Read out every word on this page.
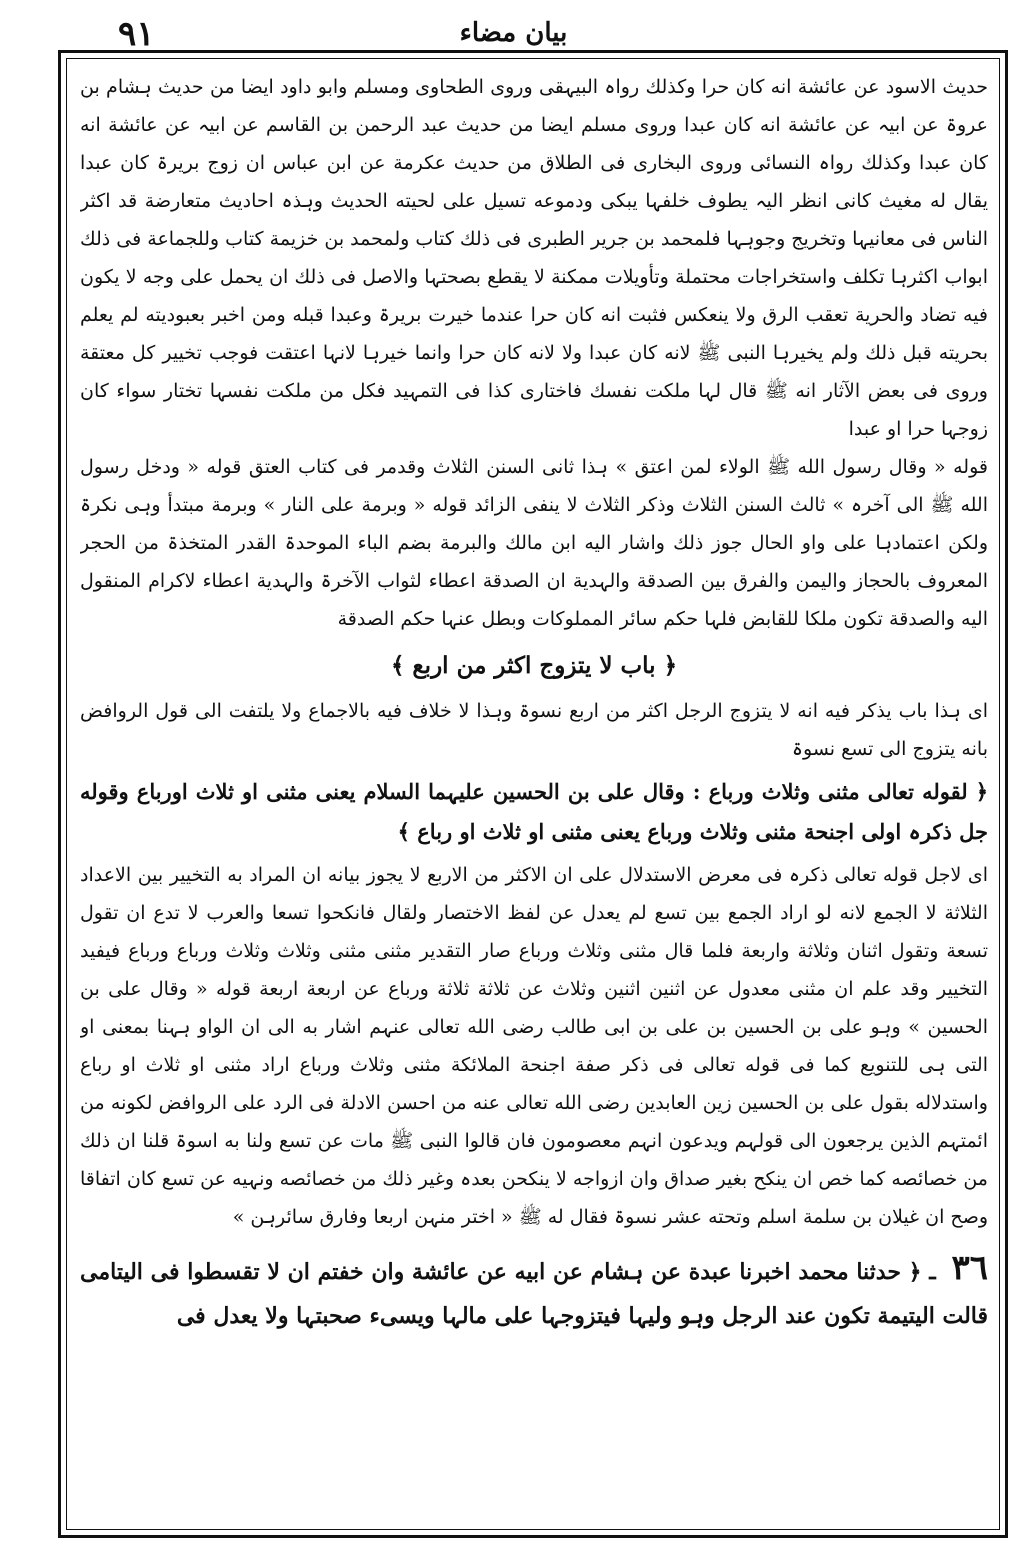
٩١	بیان مضاء

حدیث الاسود عن عائشة انه کان حرا وکذلك رواہ البیہقی وروی الطحاوی ومسلم وابو داود ایضا من حدیث ہشام بن عروۃ عن ابیہ عن عائشة انه کان عبدا وروی مسلم ایضا من حدیث عبد الرحمن بن القاسم عن ابیہ عن عائشة انه کان عبدا وکذلك رواہ النسائی وروی البخاری فی الطلاق من حدیث عکرمة عن ابن عباس ان زوج بریرۃ کان عبدا یقال له مغیث کانی انظر الیہ یطوف خلفہا یبکی ودموعه تسیل علی لحیته الحدیث وہذہ احادیث متعارضة قد اکثر الناس فی معانیہا وتخریج وجوہہا فلمحمد بن جریر الطبری فی ذلك کتاب ولمحمد بن خزیمة کتاب وللجماعة فی ذلك ابواب اکثرہا تکلف واستخراجات محتملة وتأویلات ممکنة لا یقطع بصحتہا والاصل فی ذلك ان یحمل علی وجه لا یکون فیه تضاد والحریة تعقب الرق ولا ینعکس فثبت انه کان حرا عندما خیرت بریرۃ وعبدا قبله ومن اخبر بعبودیته لم یعلم بحریته قبل ذلك ولم یخیرہا النبی ﷺ لانه کان عبدا ولا لانه کان حرا وانما خیرہا لانہا اعتقت فوجب تخییر کل معتقة وروی فی بعض الآثار انه ﷺ قال لہا ملکت نفسك فاختاری کذا فی التمہید فکل من ملکت نفسہا تختار سواء کان زوجہا حرا او عبدا

قوله « وقال رسول الله ﷺ الولاء لمن اعتق » ہذا ثانی السنن الثلاث وقدمر فی کتاب العتق قوله « ودخل رسول الله ﷺ الی آخرہ » ثالث السنن الثلاث وذکر الثلاث لا ینفی الزائد قوله « وبرمة علی النار » وبرمة مبتدأ وہی نکرۃ ولکن اعتمادہا علی واو الحال جوز ذلك واشار الیه ابن مالك والبرمة بضم الباء الموحدۃ القدر المتخذۃ من الحجر المعروف بالحجاز والیمن والفرق بین الصدقة والہدیة ان الصدقة اعطاء لثواب الآخرۃ والہدیة اعطاء لاکرام المنقول الیه والصدقة تکون ملکا للقابض فلہا حکم سائر المملوکات وبطل عنہا حکم الصدقة

﴿ باب لا یتزوج اکثر من اربع ﴾

ای ہذا باب یذکر فیه انه لا یتزوج الرجل اکثر من اربع نسوۃ وہذا لا خلاف فیه بالاجماع ولا یلتفت الی قول الروافض بانه یتزوج الی تسع نسوۃ

﴿ لقوله تعالی مثنی وثلاث ورباع : وقال علی بن الحسین علیہما السلام یعنی مثنی او ثلاث اورباع وقوله جل ذکرہ اولی اجنحة مثنی وثلاث ورباع یعنی مثنی او ثلاث او رباع ﴾

ای لاجل قوله تعالی ذکرہ فی معرض الاستدلال علی ان الاکثر من الاربع لا یجوز بیانه ان المراد به التخییر بین الاعداد الثلاثة لا الجمع لانه لو اراد الجمع بین تسع لم یعدل عن لفظ الاختصار ولقال فانکحوا تسعا والعرب لا تدع ان تقول تسعة وتقول اثنان وثلاثة واربعة فلما قال مثنی وثلاث ورباع صار التقدیر مثنی مثنی وثلاث وثلاث ورباع ورباع فیفید التخییر وقد علم ان مثنی معدول عن اثنین اثنین وثلاث عن ثلاثة ثلاثة ورباع عن اربعة اربعة قوله « وقال علی بن الحسین » وہو علی بن الحسین بن علی بن ابی طالب رضی الله تعالی عنہم اشار به الی ان الواو ہہنا بمعنی او التی ہی للتنویع کما فی قوله تعالی فی ذکر صفة اجنحة الملائکة مثنی وثلاث ورباع اراد مثنی او ثلاث او رباع واستدلاله بقول علی بن الحسین زین العابدین رضی الله تعالی عنه من احسن الادلة فی الرد علی الروافض لکونه من ائمتہم الذین یرجعون الی قولہم ویدعون انہم معصومون فان قالوا النبی ﷺ مات عن تسع ولنا به اسوۃ قلنا ان ذلك من خصائصه کما خص ان ینکح بغیر صداق وان ازواجه لا ینکحن بعدہ وغیر ذلك من خصائصه ونہیه عن تسع کان اتفاقا وصح ان غیلان بن سلمة اسلم وتحته عشر نسوۃ فقال له ﷺ « اختر منہن اربعا وفارق سائرہن »

٣٦ ـ ﴿ حدثنا محمد اخبرنا عبدة عن ہشام عن ابیه عن عائشة وان خفتم ان لا تقسطوا فی الیتامی قالت الیتیمة تکون عند الرجل وہو ولیہا فیتزوجہا علی مالہا ویسیء صحبتہا ولا یعدل فی
